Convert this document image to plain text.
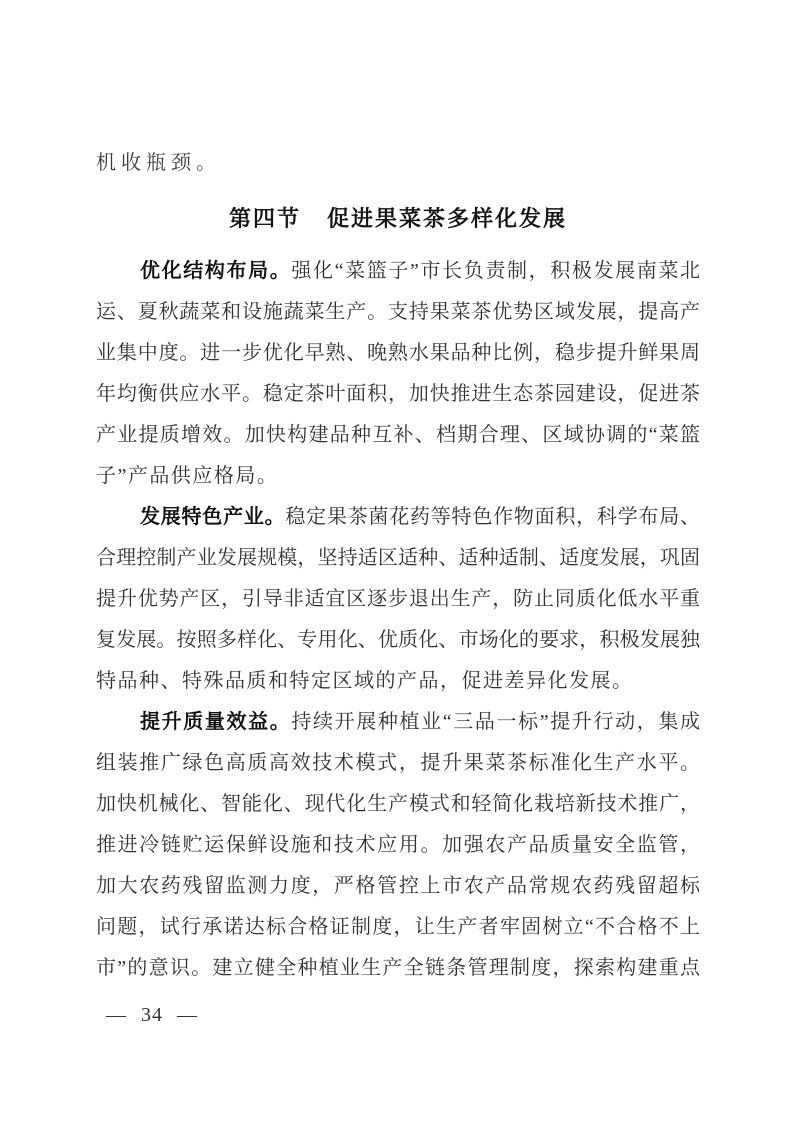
机收瓶颈。

第四节 促进果菜茶多样化发展

优化结构布局。强化“菜篮子”市长负责制，积极发展南菜北

运、夏秋蔬菜和设施蔬菜生产。支持果菜茶优势区域发展，提高产

业集中度。进一步优化早熟、晚熟水果品种比例，稳步提升鲜果周

年均衡供应水平。稳定茶叶面积，加快推进生态茶园建设，促进茶

产业提质增效。加快构建品种互补、档期合理、区域协调的“菜篮

子”产品供应格局。

发展特色产业。稳定果茶菌花药等特色作物面积，科学布局、

合理控制产业发展规模，坚持适区适种、适种适制、适度发展，巩固

提升优势产区，引导非适宜区逐步退出生产，防止同质化低水平重

复发展。按照多样化、专用化、优质化、市场化的要求，积极发展独

特品种、特殊品质和特定区域的产品，促进差异化发展。

提升质量效益。持续开展种植业“三品一标”提升行动，集成

组装推广绿色高质高效技术模式，提升果菜茶标准化生产水平。

加快机械化、智能化、现代化生产模式和轻简化栽培新技术推广，

推进冷链贮运保鲜设施和技术应用。加强农产品质量安全监管，

加大农药残留监测力度，严格管控上市农产品常规农药残留超标

问题，试行承诺达标合格证制度，让生产者牢固树立“不合格不上

市”的意识。建立健全种植业生产全链条管理制度，探索构建重点

— 34 —
